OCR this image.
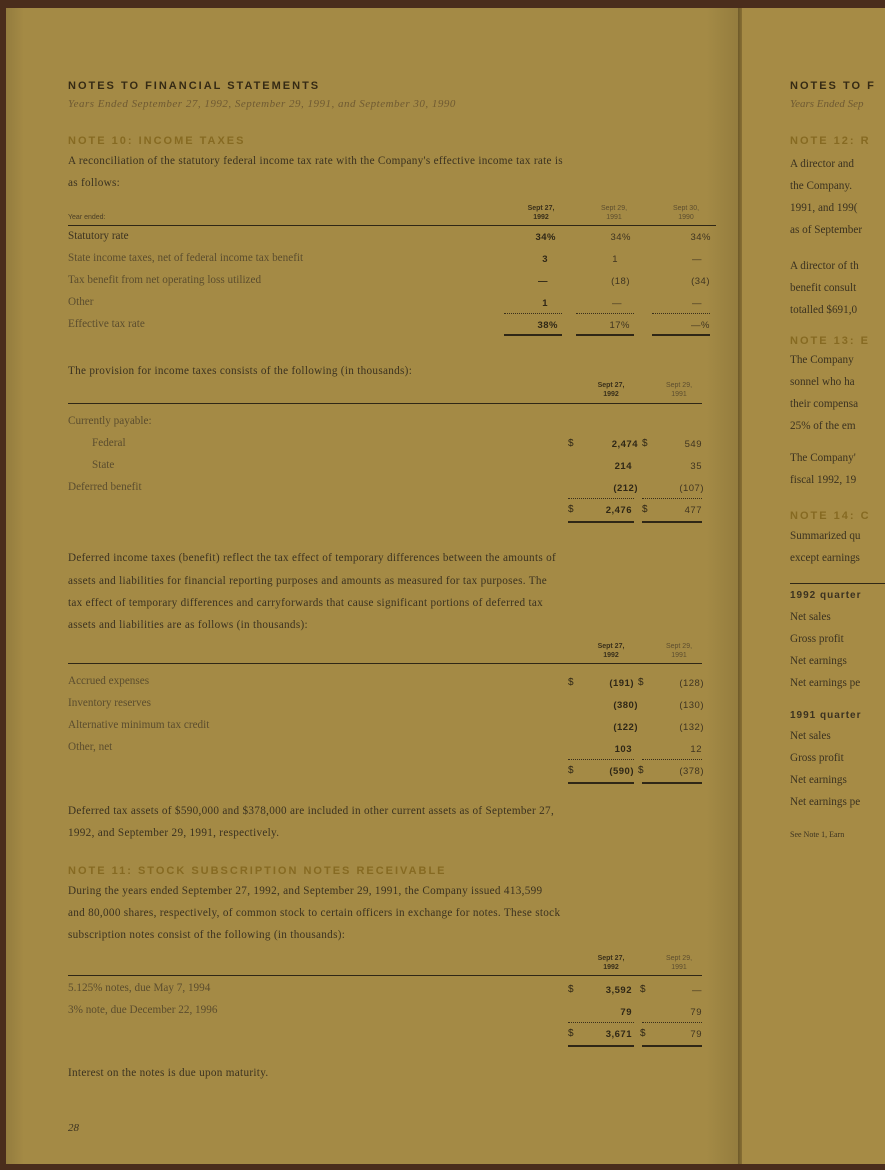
NOTES TO FINANCIAL STATEMENTS
Years Ended September 27, 1992, September 29, 1991, and September 30, 1990
NOTE 10: INCOME TAXES
A reconciliation of the statutory federal income tax rate with the Company's effective income tax rate is
as follows:
Year ended:
Sept 27,
1992
Sept 29,
1991
Sept 30,
1990
Statutory rate	34%	34%	34%
State income taxes, net of federal income tax benefit	3	1	—
Tax benefit from net operating loss utilized	—	(18)	(34)
Other	1	—	—
Effective tax rate	38%	17%	—%
The provision for income taxes consists of the following (in thousands):
Sept 27,
1992
Sept 29,
1991
Currently payable:
Federal	$	2,474 $	549
State	214	35
Deferred benefit	(212)	(107)
$	2,476 $	477
Deferred income taxes (benefit) reflect the tax effect of temporary differences between the amounts of
assets and liabilities for financial reporting purposes and amounts as measured for tax purposes. The
tax effect of temporary differences and carryforwards that cause significant portions of deferred tax
assets and liabilities are as follows (in thousands):
Sept 27,
1992
Sept 29,
1991
Accrued expenses	$	(191) $	(128)
Inventory reserves	(380)	(130)
Alternative minimum tax credit	(122)	(132)
Other, net	103	12
$	(590) $	(378)
Deferred tax assets of $590,000 and $378,000 are included in other current assets as of September 27,
1992, and September 29, 1991, respectively.
NOTE 11: STOCK SUBSCRIPTION NOTES RECEIVABLE
During the years ended September 27, 1992, and September 29, 1991, the Company issued 413,599
and 80,000 shares, respectively, of common stock to certain officers in exchange for notes. These stock
subscription notes consist of the following (in thousands):
Sept 27,
1992
Sept 29,
1991
5.125% notes, due May 7, 1994	$	3,592 $	—
3% note, due December 22, 1996	79	79
$	3,671 $	79
Interest on the notes is due upon maturity.
28
NOTES TO F
Years Ended Sep
NOTE 12: R
A director and
the Company.
1991, and 199(
as of September
A director of th
benefit consult
totalled $691,0
NOTE 13: E
The Company
sonnel who ha
their compensa
25% of the em
The Company'
fiscal 1992, 19
NOTE 14: C
Summarized qu
except earnings
1992 quarter
Net sales
Gross profit
Net earnings
Net earnings pe
1991 quarter
Net sales
Gross profit
Net earnings
Net earnings pe
See Note 1, Earn
